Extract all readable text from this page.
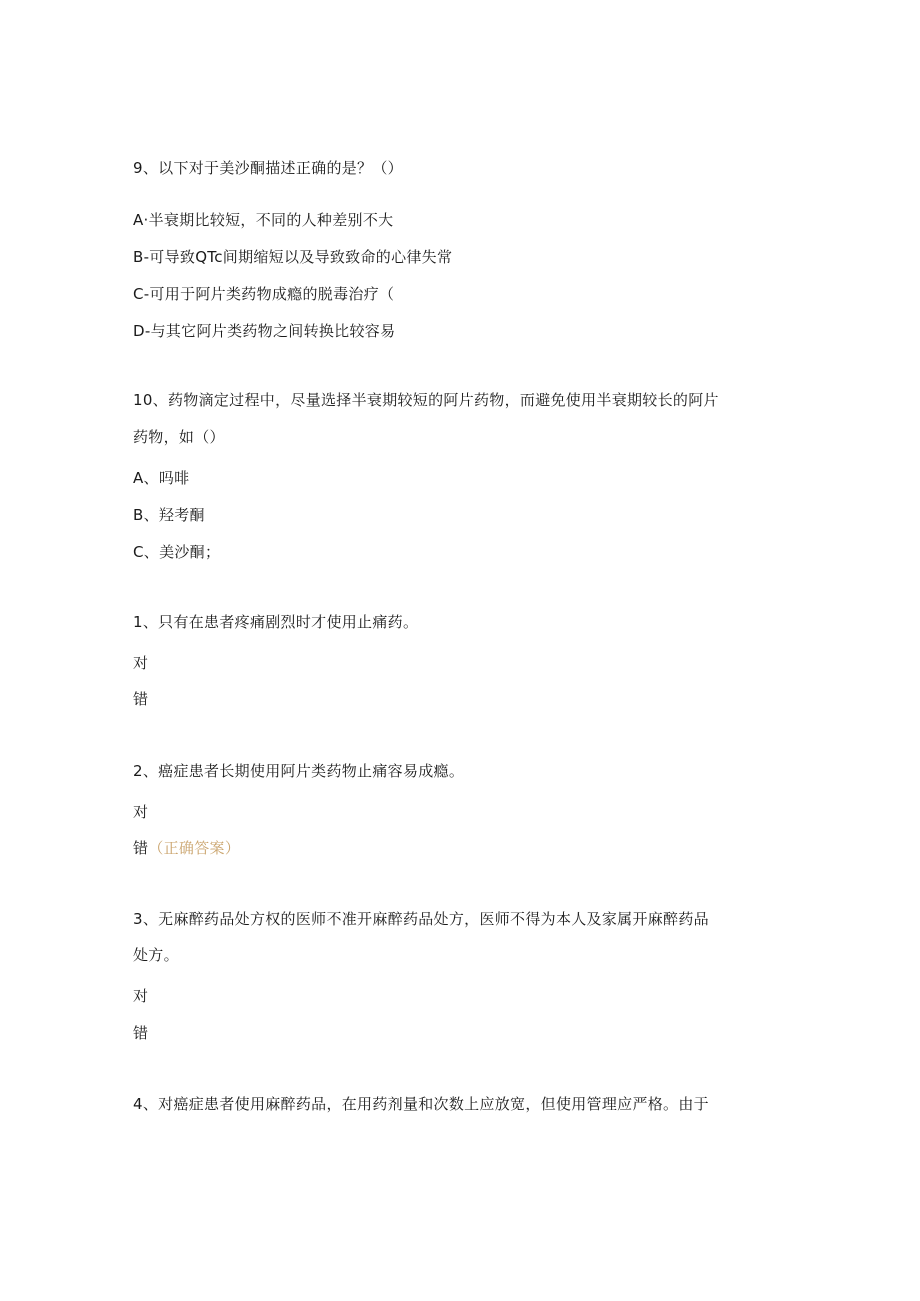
9、以下对于美沙酮描述正确的是？（）
A·半衰期比较短，不同的人种差别不大
B-可导致QTc间期缩短以及导致致命的心律失常
C-可用于阿片类药物成瘾的脱毒治疗（
D-与其它阿片类药物之间转换比较容易
10、药物滴定过程中，尽量选择半衰期较短的阿片药物，而避免使用半衰期较长的阿片
药物，如（）
A、吗啡
B、羟考酮
C、美沙酮；
1、只有在患者疼痛剧烈时才使用止痛药。
对
错
2、癌症患者长期使用阿片类药物止痛容易成瘾。
对
错（正确答案）
3、无麻醉药品处方权的医师不准开麻醉药品处方，医师不得为本人及家属开麻醉药品
处方。
对
错
4、对癌症患者使用麻醉药品，在用药剂量和次数上应放宽，但使用管理应严格。由于
